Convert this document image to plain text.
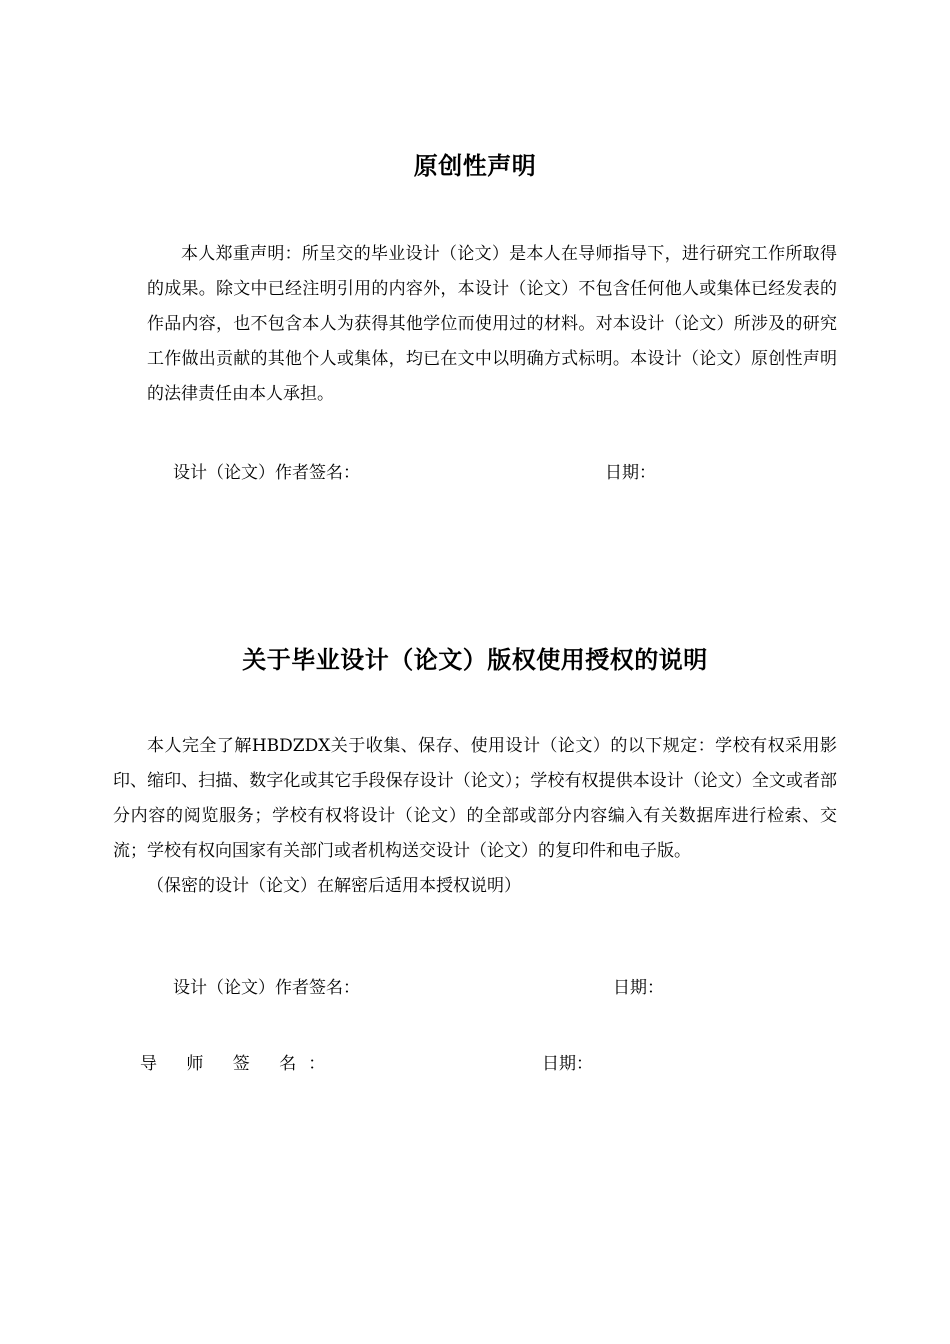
原创性声明

本人郑重声明：所呈交的毕业设计（论文）是本人在导师指导下，进行研究工作所取得的成果。除文中已经注明引用的内容外，本设计（论文）不包含任何他人或集体已经发表的作品内容，也不包含本人为获得其他学位而使用过的材料。对本设计（论文）所涉及的研究工作做出贡献的其他个人或集体，均已在文中以明确方式标明。本设计（论文）原创性声明的法律责任由本人承担。

设计（论文）作者签名：	日期：
关于毕业设计（论文）版权使用授权的说明

本人完全了解HBDZDX关于收集、保存、使用设计（论文）的以下规定：学校有权采用影印、缩印、扫描、数字化或其它手段保存设计（论文）；学校有权提供本设计（论文）全文或者部分内容的阅览服务；学校有权将设计（论文）的全部或部分内容编入有关数据库进行检索、交流；学校有权向国家有关部门或者机构送交设计（论文）的复印件和电子版。

（保密的设计（论文）在解密后适用本授权说明）

设计（论文）作者签名：	日期：
导 师 签 名：	日期：
